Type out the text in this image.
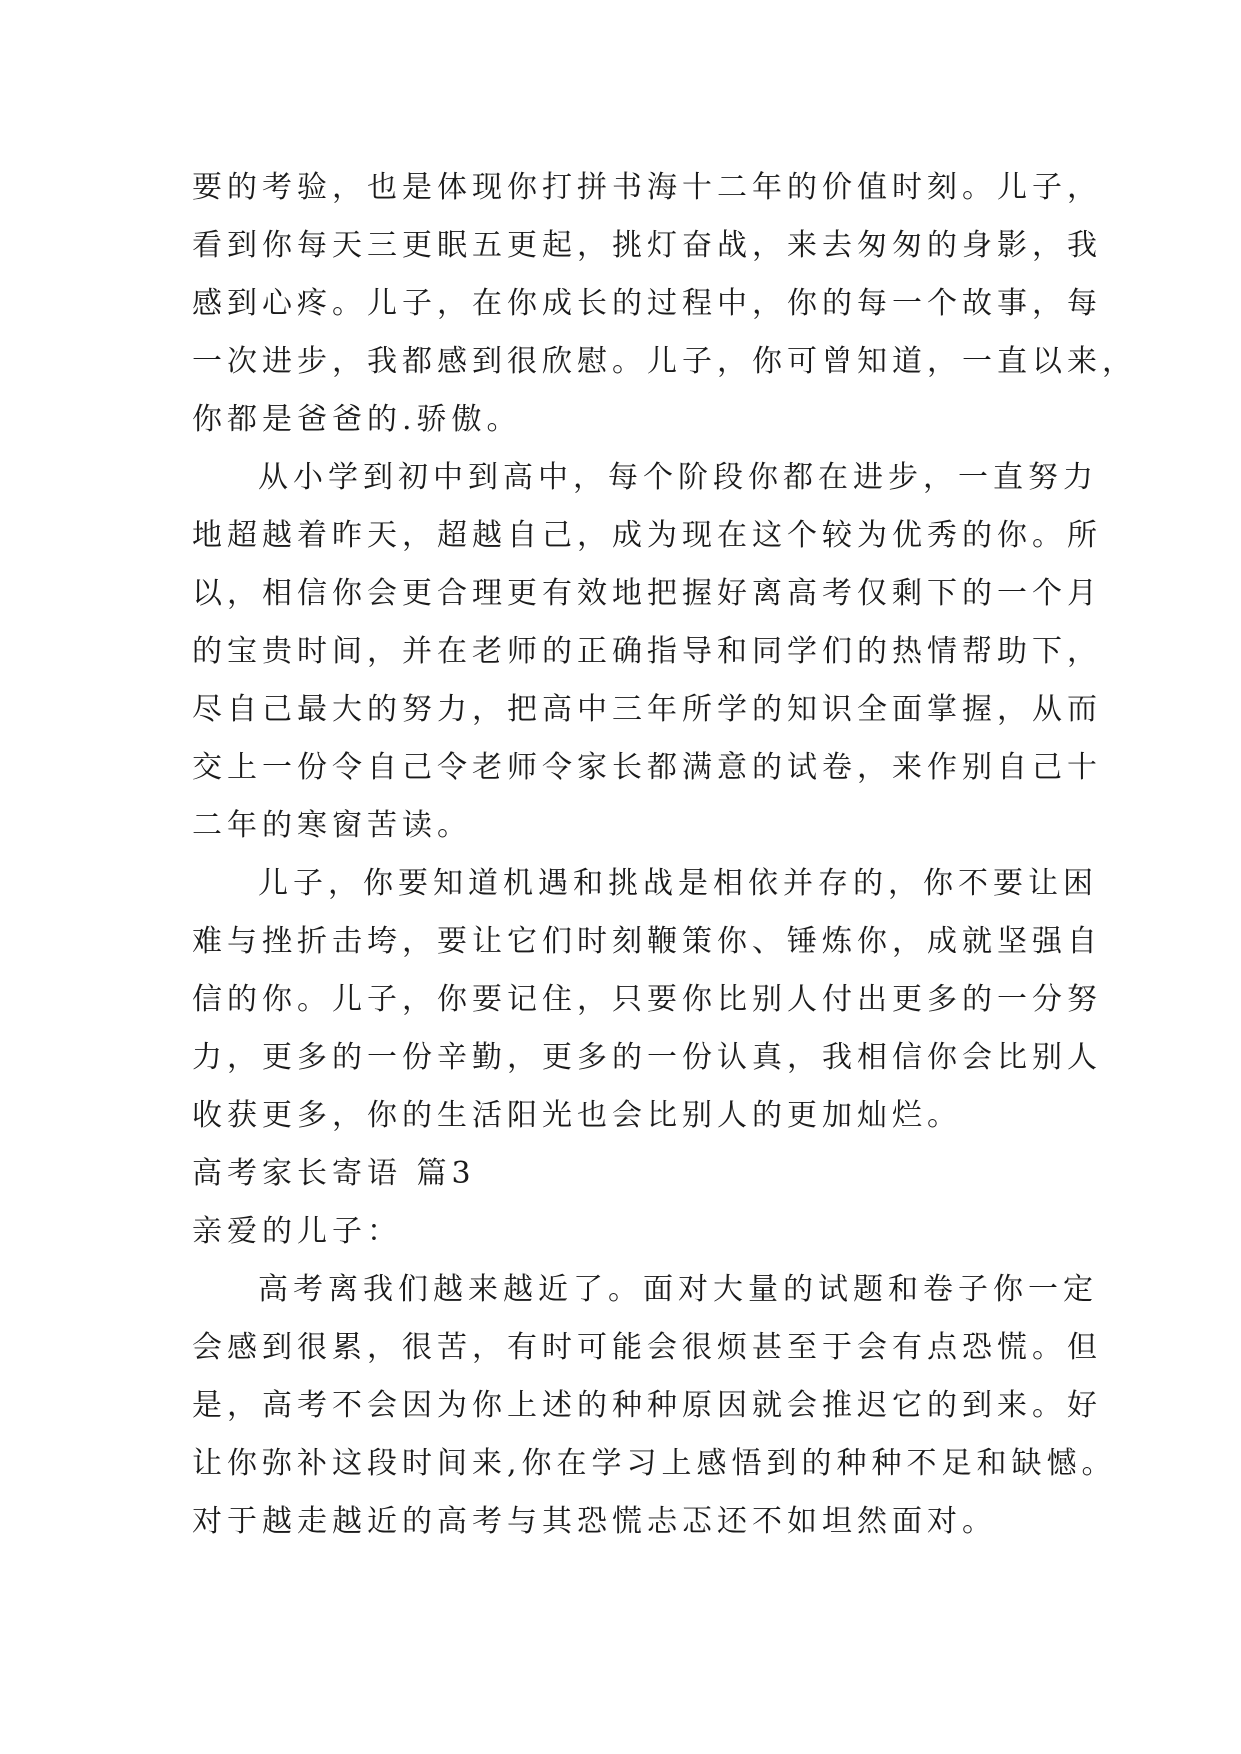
要的考验，也是体现你打拼书海十二年的价值时刻。儿子，
看到你每天三更眠五更起，挑灯奋战，来去匆匆的身影，我
感到心疼。儿子，在你成长的过程中，你的每一个故事，每
一次进步，我都感到很欣慰。儿子，你可曾知道，一直以来，
你都是爸爸的.骄傲。
从小学到初中到高中，每个阶段你都在进步，一直努力
地超越着昨天，超越自己，成为现在这个较为优秀的你。所
以，相信你会更合理更有效地把握好离高考仅剩下的一个月
的宝贵时间，并在老师的正确指导和同学们的热情帮助下，
尽自己最大的努力，把高中三年所学的知识全面掌握，从而
交上一份令自己令老师令家长都满意的试卷，来作别自己十
二年的寒窗苦读。
儿子，你要知道机遇和挑战是相依并存的，你不要让困
难与挫折击垮，要让它们时刻鞭策你、锤炼你，成就坚强自
信的你。儿子，你要记住，只要你比别人付出更多的一分努
力，更多的一份辛勤，更多的一份认真，我相信你会比别人
收获更多，你的生活阳光也会比别人的更加灿烂。
高考家长寄语 篇3
亲爱的儿子：
高考离我们越来越近了。面对大量的试题和卷子你一定
会感到很累，很苦，有时可能会很烦甚至于会有点恐慌。但
是，高考不会因为你上述的种种原因就会推迟它的到来。好
让你弥补这段时间来,你在学习上感悟到的种种不足和缺憾。
对于越走越近的高考与其恐慌忐忑还不如坦然面对。
